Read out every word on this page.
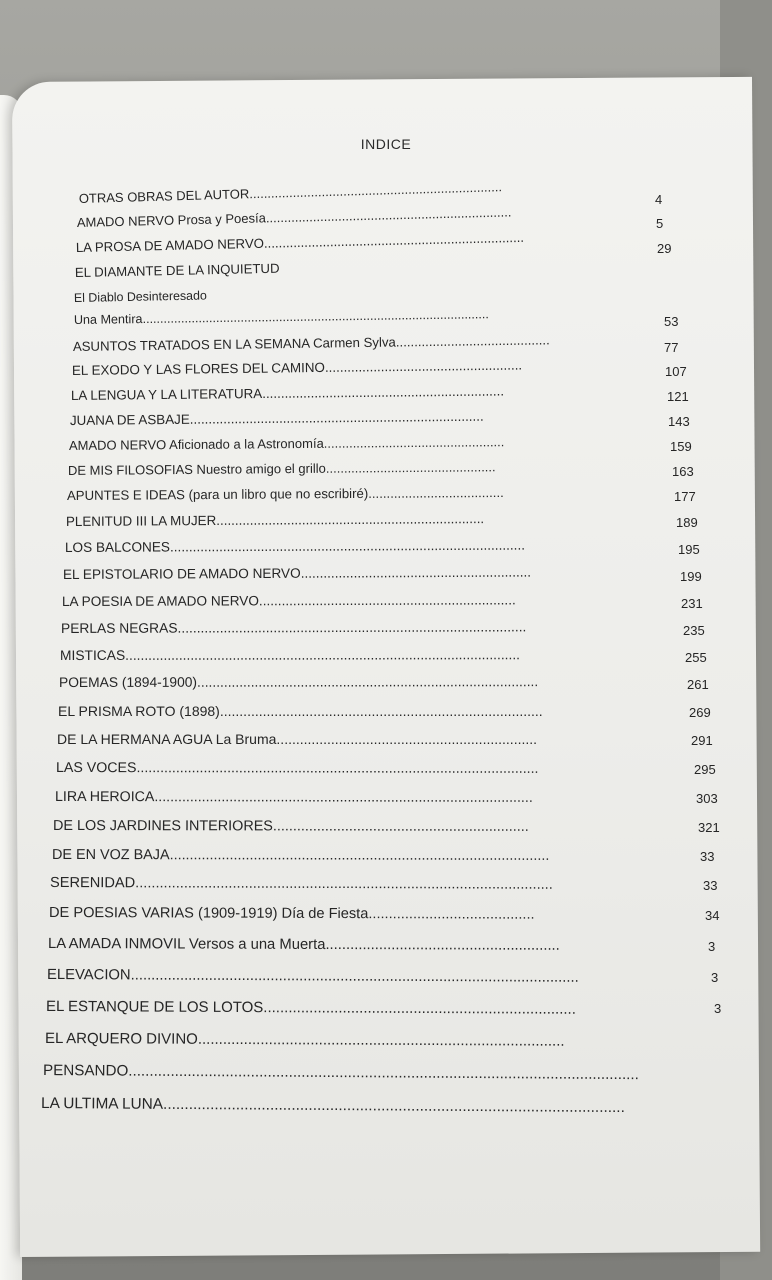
INDICE
OTRAS OBRAS DEL AUTOR......................................................................	4
AMADO NERVO Prosa y Poesía....................................................................	5
LA PROSA DE AMADO NERVO.......................................................................	29
EL DIAMANTE DE LA INQUIETUD
El Diablo Desinteresado
Una Mentira...................................................................................................	53
ASUNTOS TRATADOS EN LA SEMANA Carmen Sylva..........................................	77
EL EXODO Y LAS FLORES DEL CAMINO.....................................................	107
LA LENGUA Y LA LITERATURA.................................................................	121
JUANA DE ASBAJE...............................................................................	143
AMADO NERVO Aficionado a la Astronomía..................................................	159
DE MIS FILOSOFIAS Nuestro amigo el grillo...............................................	163
APUNTES E IDEAS (para un libro que no escribiré).....................................	177
PLENITUD III LA MUJER........................................................................	189
LOS BALCONES..............................................................................................	195
EL EPISTOLARIO DE AMADO NERVO.............................................................	199
LA POESIA DE AMADO NERVO....................................................................	231
PERLAS NEGRAS...........................................................................................	235
MISTICAS.......................................................................................................	255
POEMAS (1894-1900).........................................................................................	261
EL PRISMA ROTO (1898)...................................................................................	269
DE LA HERMANA AGUA La Bruma...................................................................	291
LAS VOCES......................................................................................................	295
LIRA HEROICA................................................................................................	303
DE LOS JARDINES INTERIORES................................................................	321
DE EN VOZ BAJA...............................................................................................	33
SERENIDAD.......................................................................................................	33
DE POESIAS VARIAS (1909-1919) Día de Fiesta.........................................	34
LA AMADA INMOVIL Versos a una Muerta.........................................................	3
ELEVACION.............................................................................................................	3
EL ESTANQUE DE LOS LOTOS...........................................................................	3
EL ARQUERO DIVINO........................................................................................
PENSANDO.........................................................................................................................
LA ULTIMA LUNA............................................................................................................
